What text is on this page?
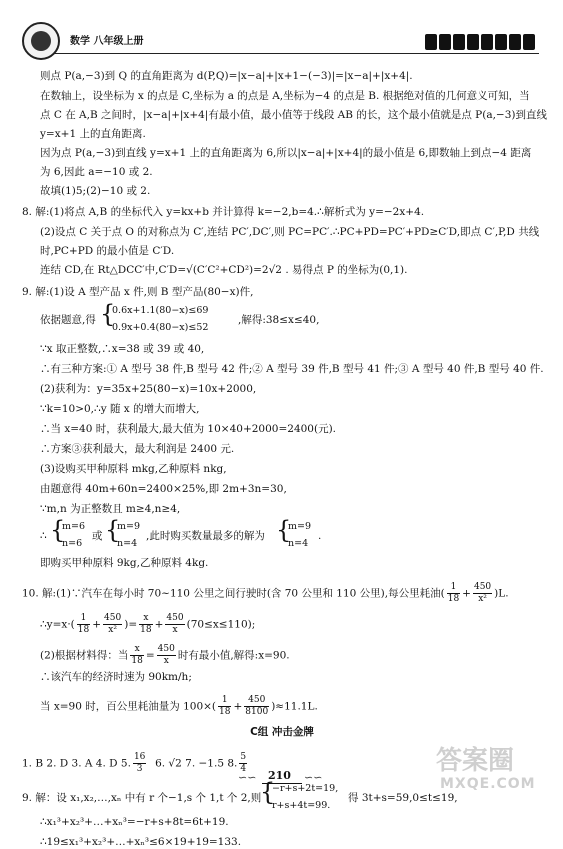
数学 八年级上册
则点 P(a,−3)到 Q 的直角距离为 d(P,Q)=|x−a|+|x+1−(−3)|=|x−a|+|x+4|.
在数轴上，设坐标为 x 的点是 C,坐标为 a 的点是 A,坐标为−4 的点是 B. 根据绝对值的几何意义可知，当
点 C 在 A,B 之间时，|x−a|+|x+4|有最小值，最小值等于线段 AB 的长，这个最小值就是点 P(a,−3)到直线
y=x+1 上的直角距离.
因为点 P(a,−3)到直线 y=x+1 上的直角距离为 6,所以|x−a|+|x+4|的最小值是 6,即数轴上到点−4 距离
为 6,因此 a=−10 或 2.
故填(1)5;(2)−10 或 2.
8. 解:(1)将点 A,B 的坐标代入 y=kx+b 并计算得 k=−2,b=4.∴解析式为 y=−2x+4.
(2)设点 C 关于点 O 的对称点为 C′,连结 PC′,DC′,则 PC=PC′.∴PC+PD=PC′+PD≥C′D,即点 C′,P,D 共线
时,PC+PD 的最小值是 C′D.
连结 CD,在 Rt△DCC′中,C′D=√(C′C²+CD²)=2√2 . 易得点 P 的坐标为(0,1).
9. 解:(1)设 A 型产品 x 件,则 B 型产品(80−x)件,
依据题意,得 {
0.6x+1.1(80−x)≤69
0.9x+0.4(80−x)≤52
,解得:38≤x≤40,
∵x 取正整数,∴x=38 或 39 或 40,
∴有三种方案:① A 型号 38 件,B 型号 42 件;② A 型号 39 件,B 型号 41 件;③ A 型号 40 件,B 型号 40 件.
(2)获利为：y=35x+25(80−x)=10x+2000,
∵k=10>0,∴y 随 x 的增大而增大,
∴当 x=40 时，获利最大,最大值为 10×40+2000=2400(元).
∴方案③获利最大，最大利润是 2400 元.
(3)设购买甲种原料 mkg,乙种原料 nkg,
由题意得 40m+60n=2400×25%,即 2m+3n=30,
∵m,n 为正整数且 m≥4,n≥4,
∴ {
m=6
n=6
或 {
m=9
n=4
,此时购买数量最多的解为 {
m=9
n=4
.
即购买甲种原料 9kg,乙种原料 4kg.
10. 解:(1)∵汽车在每小时 70~110 公里之间行驶时(含 70 公里和 110 公里),每公里耗油( $\frac{1}{18} + \frac{450}{\text{x²}} )L$.
∴y=x·( $\frac{1}{18} + \frac{450}{\text{x²}}$ )= $\frac{x}{18} + \frac{450}{x} (70\le x\le 110)$;
(2)根据材料得：当 $\frac{x}{18} = \frac{450}{x}$ 时有最小值,解得:x=90.
∴该汽车的经济时速为 90km/h;
当 x=90 时，百公里耗油量为 $100\times( \frac{1}{18} + \frac{450}{8100} )\approx 11.1L$.
C组 冲击金牌
1. B 2. D 3. A 4. D 5. $\frac{16}{3} 6$. √2 7. −1.5 8. $\frac{5}{4}$
9. 解：设 x₁,x₂,…,xₙ 中有 r 个−1,s 个 1,t 个 2,则
{
−r+s+2t=19,
r+s+4t=99.
得 3t+s=59,0≤t≤19,
∴x₁³+x₂³+…+xₙ³=−r+s+8t=6t+19.
∴19≤x₁³+x₂³+…+xₙ³≤6×19+19=133.
∽∽ 210 ∽∽
答案圈
MXQE.COM
